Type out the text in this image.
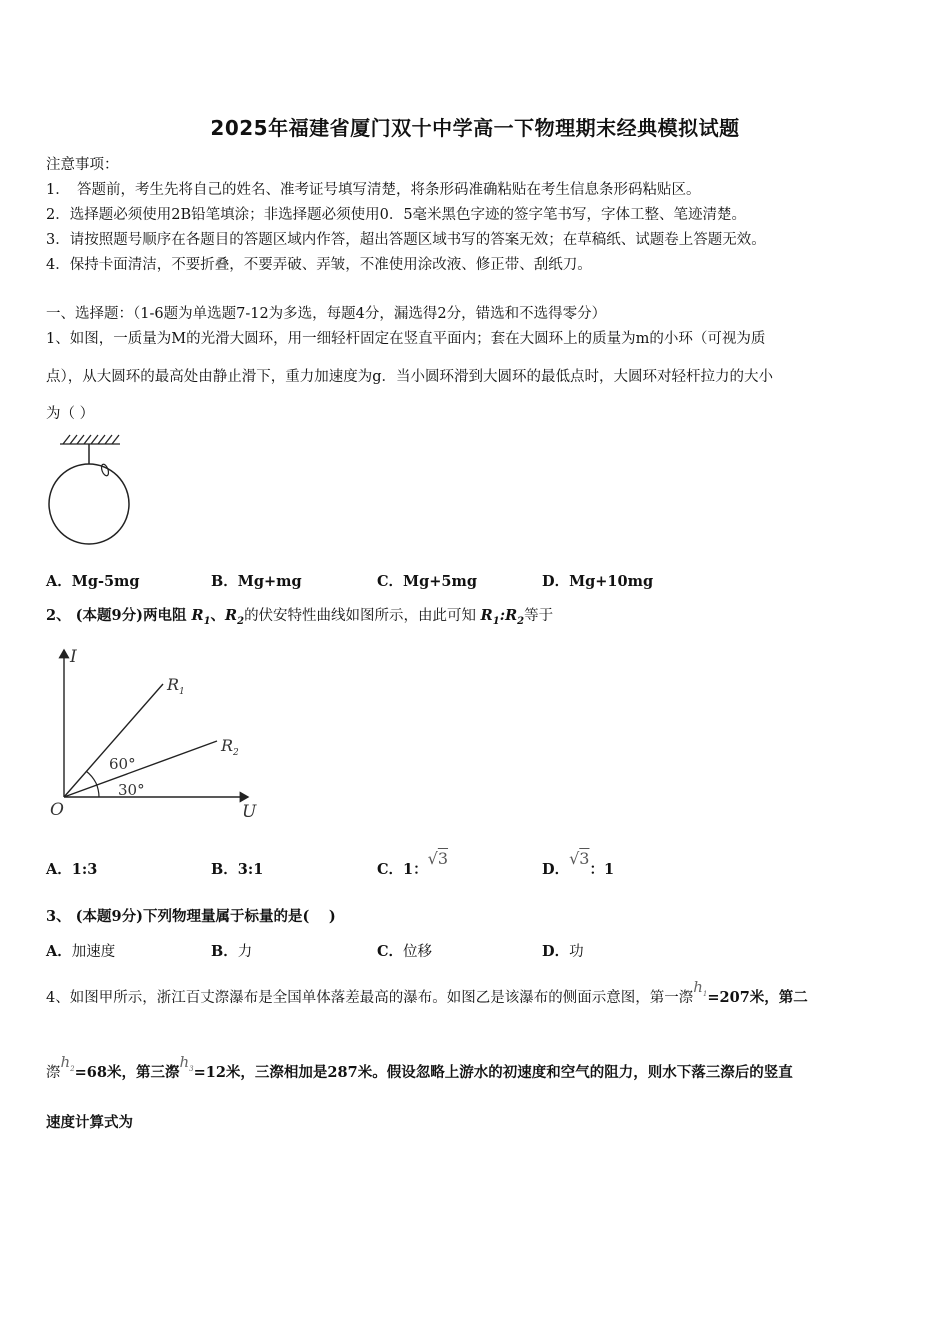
2025年福建省厦门双十中学高一下物理期末经典模拟试题
注意事项：
1．　答题前，考生先将自己的姓名、准考证号填写清楚，将条形码准确粘贴在考生信息条形码粘贴区。
2．选择题必须使用2B铅笔填涂；非选择题必须使用0．5毫米黑色字迹的签字笔书写，字体工整、笔迹清楚。
3．请按照题号顺序在各题目的答题区域内作答，超出答题区域书写的答案无效；在草稿纸、试题卷上答题无效。
4．保持卡面清洁，不要折叠，不要弄破、弄皱，不准使用涂改液、修正带、刮纸刀。
一、选择题：（1-6题为单选题7-12为多选，每题4分，漏选得2分，错选和不选得零分）
1、如图，一质量为M的光滑大圆环，用一细轻杆固定在竖直平面内；套在大圆环上的质量为m的小环（可视为质
点），从大圆环的最高处由静止滑下，重力加速度为g．当小圆环滑到大圆环的最低点时，大圆环对轻杆拉力的大小
为（ ）
A．Mg-5mg	B．Mg+mg	C．Mg+5mg	D．Mg+10mg
2、 (本题9分)两电阻 $R_1$、$R_2$的伏安特性曲线如图所示，由此可知 $R_1:R_2$等于
I
U
O
$R_1$
$R_2$
60°
30°
A．1:3	B．3:1	C．1：√3
D．√3：1
3、 (本题9分)下列物理量属于标量的是(　 )
A．加速度	B．力	C．位移	D．功
4、如图甲所示，浙江百丈漈瀑布是全国单体落差最高的瀑布。如图乙是该瀑布的侧面示意图，第一漈$h_1=207$米，第二
漈$h_2=68$米，第三漈$h_3=12$米，三漈相加是287米。假设忽略上游水的初速度和空气的阻力，则水下落三漈后的竖直
速度计算式为
